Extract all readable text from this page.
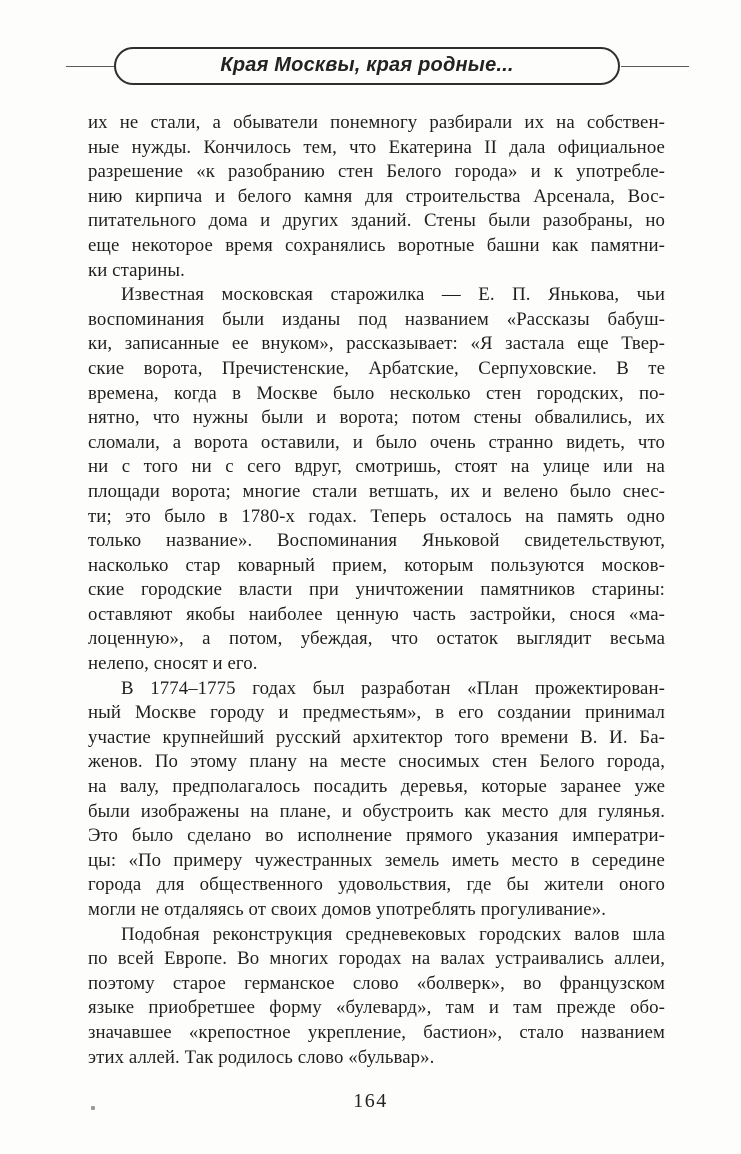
Края Москвы, края родные...
их не стали, а обыватели понемногу разбирали их на собствен-
ные нужды. Кончилось тем, что Екатерина II дала официальное
разрешение «к разобранию стен Белого города» и к употребле-
нию кирпича и белого камня для строительства Арсенала, Вос-
питательного дома и других зданий. Стены были разобраны, но
еще некоторое время сохранялись воротные башни как памятни-
ки старины.
Известная московская старожилка — Е. П. Янькова, чьи
воспоминания были изданы под названием «Рассказы бабуш-
ки, записанные ее внуком», рассказывает: «Я застала еще Твер-
ские ворота, Пречистенские, Арбатские, Серпуховские. В те
времена, когда в Москве было несколько стен городских, по-
нятно, что нужны были и ворота; потом стены обвалились, их
сломали, а ворота оставили, и было очень странно видеть, что
ни с того ни с сего вдруг, смотришь, стоят на улице или на
площади ворота; многие стали ветшать, их и велено было снес-
ти; это было в 1780-х годах. Теперь осталось на память одно
только название». Воспоминания Яньковой свидетельствуют,
насколько стар коварный прием, которым пользуются москов-
ские городские власти при уничтожении памятников старины:
оставляют якобы наиболее ценную часть застройки, снося «ма-
лоценную», а потом, убеждая, что остаток выглядит весьма
нелепо, сносят и его.
В 1774–1775 годах был разработан «План прожектирован-
ный Москве городу и предместьям», в его создании принимал
участие крупнейший русский архитектор того времени В. И. Ба-
женов. По этому плану на месте сносимых стен Белого города,
на валу, предполагалось посадить деревья, которые заранее уже
были изображены на плане, и обустроить как место для гулянья.
Это было сделано во исполнение прямого указания императри-
цы: «По примеру чужестранных земель иметь место в середине
города для общественного удовольствия, где бы жители оного
могли не отдаляясь от своих домов употреблять прогуливание».
Подобная реконструкция средневековых городских валов шла
по всей Европе. Во многих городах на валах устраивались аллеи,
поэтому старое германское слово «болверк», во французском
языке приобретшее форму «булевард», там и там прежде обо-
значавшее «крепостное укрепление, бастион», стало названием
этих аллей. Так родилось слово «бульвар».
164
